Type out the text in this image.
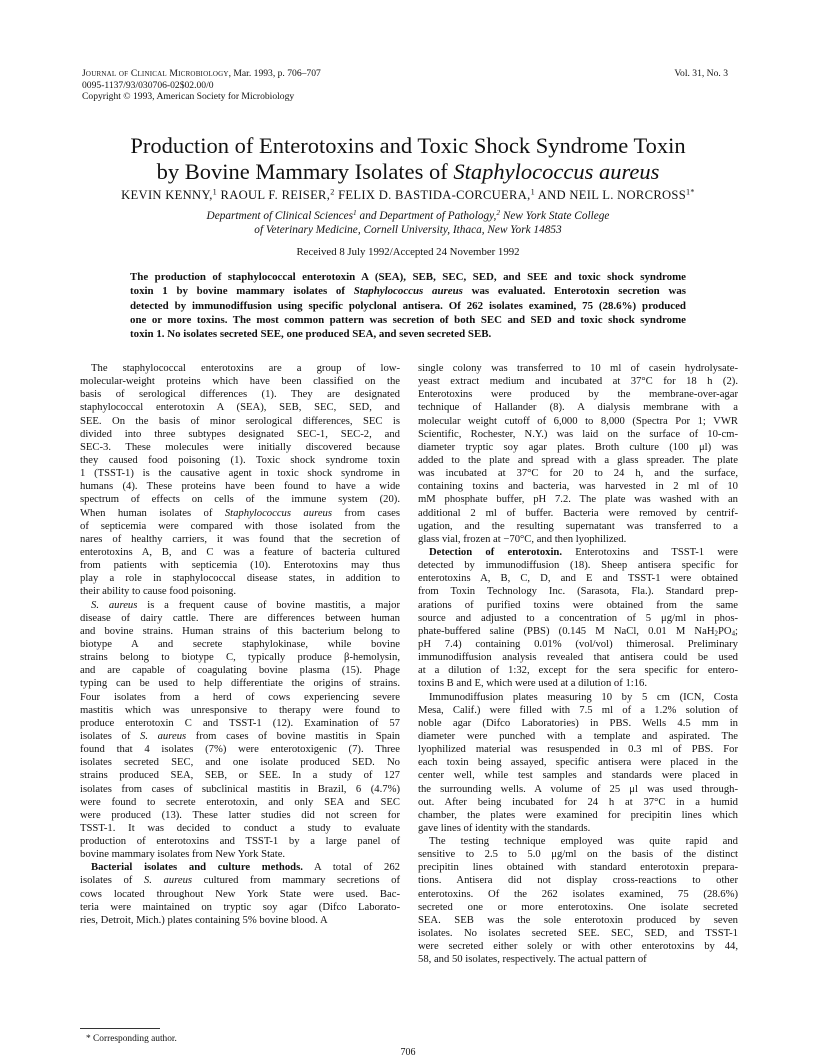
Journal of Clinical Microbiology, Mar. 1993, p. 706–707
0095-1137/93/030706-02$02.00/0
Copyright © 1993, American Society for Microbiology
Vol. 31, No. 3
Production of Enterotoxins and Toxic Shock Syndrome Toxin
by Bovine Mammary Isolates of Staphylococcus aureus
KEVIN KENNY,$^1$ RAOUL F. REISER,$^2$ FELIX D. BASTIDA-CORCUERA,$^1$ AND NEIL L. $NORCROSS^{1*}$
Department of Clinical Sciences$^1$ and Department of Pathology,$^2$ New York State College
of Veterinary Medicine, Cornell University, Ithaca, New York 14853
Received 8 July 1992/Accepted 24 November 1992
The production of staphylococcal enterotoxin A (SEA), SEB, SEC, SED, and SEE and toxic shock syndrome
toxin 1 by bovine mammary isolates of Staphylococcus aureus was evaluated. Enterotoxin secretion was
detected by immunodiffusion using specific polyclonal antisera. Of 262 isolates examined, 75 (28.6%) produced
one or more toxins. The most common pattern was secretion of both SEC and SED and toxic shock syndrome
toxin 1. No isolates secreted SEE, one produced SEA, and seven secreted SEB.
The staphylococcal enterotoxins are a group of low-
molecular-weight proteins which have been classified on the
basis of serological differences (1). They are designated
staphylococcal enterotoxin A (SEA), SEB, SEC, SED, and
SEE. On the basis of minor serological differences, SEC is
divided into three subtypes designated SEC-1, SEC-2, and
SEC-3. These molecules were initially discovered because
they caused food poisoning (1). Toxic shock syndrome toxin
1 (TSST-1) is the causative agent in toxic shock syndrome in
humans (4). These proteins have been found to have a wide
spectrum of effects on cells of the immune system (20).
When human isolates of Staphylococcus aureus from cases
of septicemia were compared with those isolated from the
nares of healthy carriers, it was found that the secretion of
enterotoxins A, B, and C was a feature of bacteria cultured
from patients with septicemia (10). Enterotoxins may thus
play a role in staphylococcal disease states, in addition to
their ability to cause food poisoning.
S. aureus is a frequent cause of bovine mastitis, a major
disease of dairy cattle. There are differences between human
and bovine strains. Human strains of this bacterium belong to
biotype A and secrete staphylokinase, while bovine
strains belong to biotype C, typically produce β-hemolysin,
and are capable of coagulating bovine plasma (15). Phage
typing can be used to help differentiate the origins of strains.
Four isolates from a herd of cows experiencing severe
mastitis which was unresponsive to therapy were found to
produce enterotoxin C and TSST-1 (12). Examination of 57
isolates of S. aureus from cases of bovine mastitis in Spain
found that 4 isolates (7%) were enterotoxigenic (7). Three
isolates secreted SEC, and one isolate produced SED. No
strains produced SEA, SEB, or SEE. In a study of 127
isolates from cases of subclinical mastitis in Brazil, 6 (4.7%)
were found to secrete enterotoxin, and only SEA and SEC
were produced (13). These latter studies did not screen for
TSST-1. It was decided to conduct a study to evaluate
production of enterotoxins and TSST-1 by a large panel of
bovine mammary isolates from New York State.
Bacterial isolates and culture methods. A total of 262
isolates of S. aureus cultured from mammary secretions of
cows located throughout New York State were used. Bac-
teria were maintained on tryptic soy agar (Difco Laborato-
ries, Detroit, Mich.) plates containing 5% bovine blood. A
single colony was transferred to 10 ml of casein hydrolysate-
yeast extract medium and incubated at 37°C for 18 h (2).
Enterotoxins were produced by the membrane-over-agar
technique of Hallander (8). A dialysis membrane with a
molecular weight cutoff of 6,000 to 8,000 (Spectra Por 1; VWR
Scientific, Rochester, N.Y.) was laid on the surface of 10-cm-
diameter tryptic soy agar plates. Broth culture (100 μl) was
added to the plate and spread with a glass spreader. The plate
was incubated at 37°C for 20 to 24 h, and the surface,
containing toxins and bacteria, was harvested in 2 ml of 10
mM phosphate buffer, pH 7.2. The plate was washed with an
additional 2 ml of buffer. Bacteria were removed by centrif-
ugation, and the resulting supernatant was transferred to a
glass vial, frozen at −70°C, and then lyophilized.
Detection of enterotoxin. Enterotoxins and TSST-1 were
detected by immunodiffusion (18). Sheep antisera specific for
enterotoxins A, B, C, D, and E and TSST-1 were obtained
from Toxin Technology Inc. (Sarasota, Fla.). Standard prep-
arations of purified toxins were obtained from the same
source and adjusted to a concentration of 5 μg/ml in phos-
phate-buffered saline (PBS) (0.145 M NaCl, 0.01 M $NaH_2PO_4$;
pH 7.4) containing 0.01% (vol/vol) thimerosal. Preliminary
immunodiffusion analysis revealed that antisera could be used
at a dilution of 1:32, except for the sera specific for entero-
toxins B and E, which were used at a dilution of 1:16.
Immunodiffusion plates measuring 10 by 5 cm (ICN, Costa
Mesa, Calif.) were filled with 7.5 ml of a 1.2% solution of
noble agar (Difco Laboratories) in PBS. Wells 4.5 mm in
diameter were punched with a template and aspirated. The
lyophilized material was resuspended in 0.3 ml of PBS. For
each toxin being assayed, specific antisera were placed in the
center well, while test samples and standards were placed in
the surrounding wells. A volume of 25 μl was used through-
out. After being incubated for 24 h at 37°C in a humid
chamber, the plates were examined for precipitin lines which
gave lines of identity with the standards.
The testing technique employed was quite rapid and
sensitive to 2.5 to 5.0 μg/ml on the basis of the distinct
precipitin lines obtained with standard enterotoxin prepara-
tions. Antisera did not display cross-reactions to other
enterotoxins. Of the 262 isolates examined, 75 (28.6%)
secreted one or more enterotoxins. One isolate secreted
SEA. SEB was the sole enterotoxin produced by seven
isolates. No isolates secreted SEE. SEC, SED, and TSST-1
were secreted either solely or with other enterotoxins by 44,
58, and 50 isolates, respectively. The actual pattern of
* Corresponding author.
706
